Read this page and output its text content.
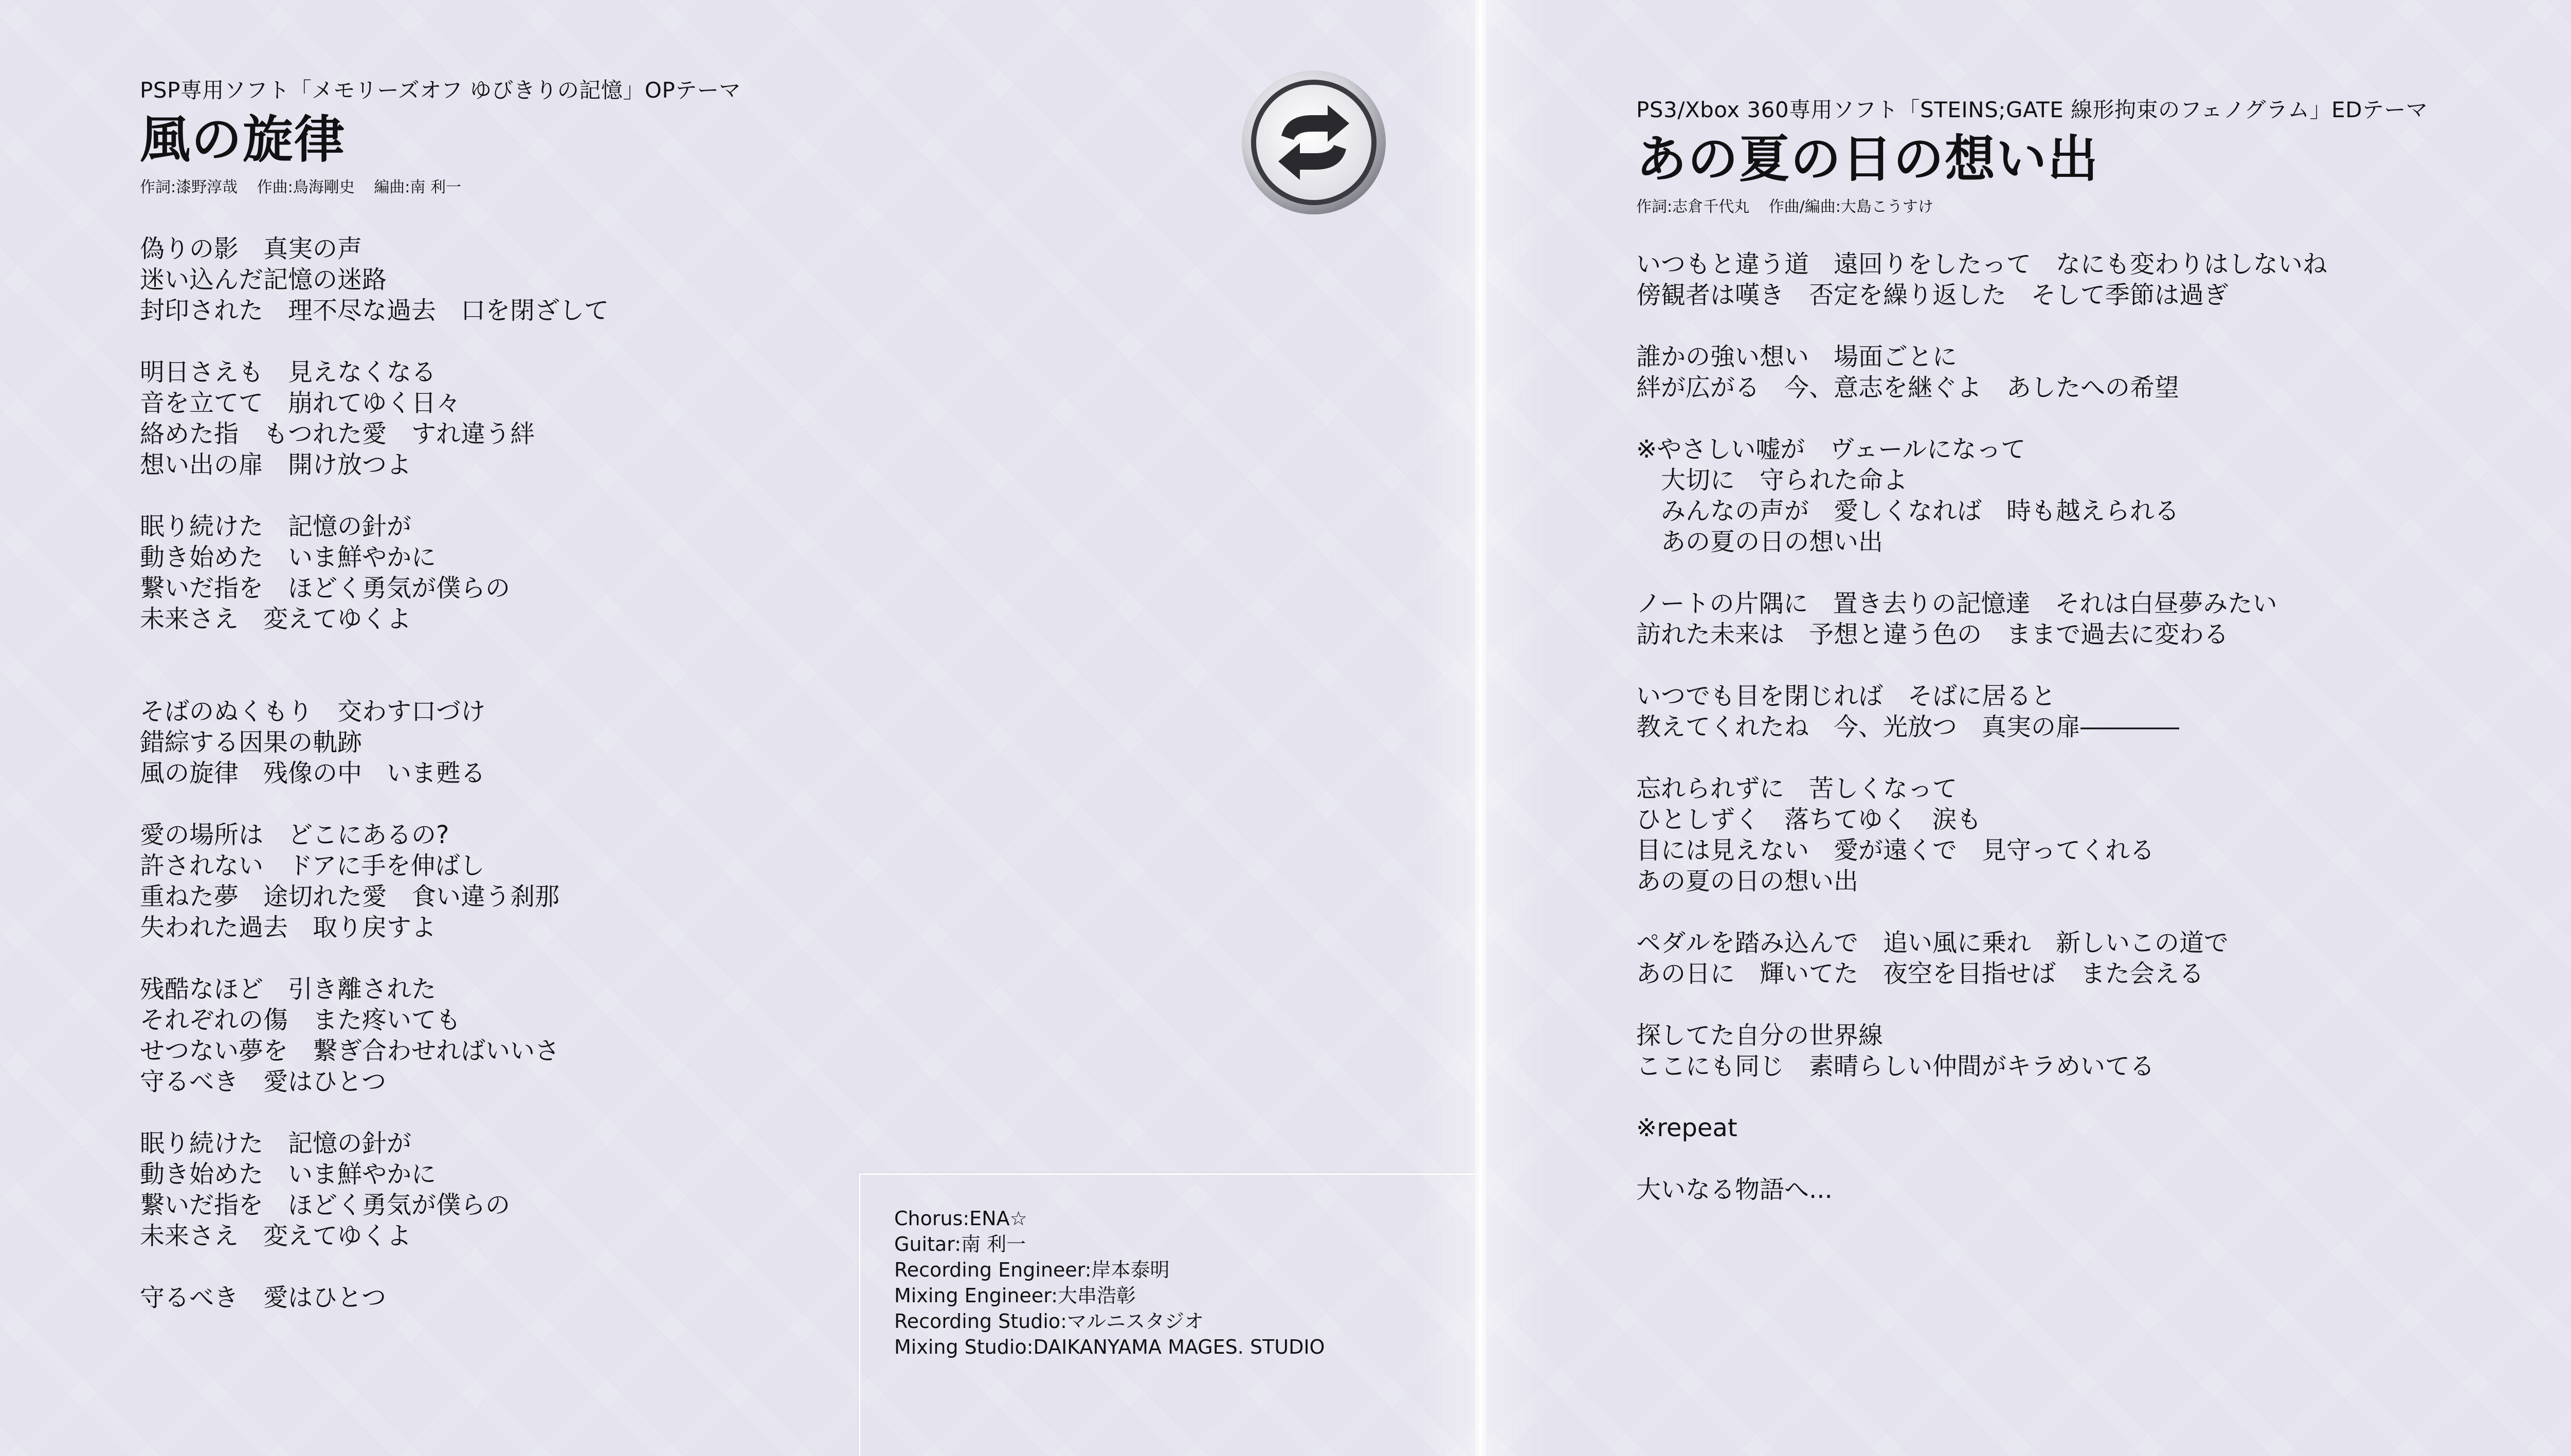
PSP専用ソフト「メモリーズオフ ゆびきりの記憶」OPテーマ
風の旋律
作詞:漆野淳哉 作曲:鳥海剛史 編曲:南 利一
偽りの影　真実の声
迷い込んだ記憶の迷路
封印された　理不尽な過去　口を閉ざして
明日さえも　見えなくなる
音を立てて　崩れてゆく日々
絡めた指　もつれた愛　すれ違う絆
想い出の扉　開け放つよ
眠り続けた　記憶の針が
動き始めた　いま鮮やかに
繋いだ指を　ほどく勇気が僕らの
未来さえ　変えてゆくよ
そばのぬくもり　交わす口づけ
錯綜する因果の軌跡
風の旋律　残像の中　いま甦る
愛の場所は　どこにあるの?
許されない　ドアに手を伸ばし
重ねた夢　途切れた愛　食い違う刹那
失われた過去　取り戻すよ
残酷なほど　引き離された
それぞれの傷　また疼いても
せつない夢を　繋ぎ合わせればいいさ
守るべき　愛はひとつ
眠り続けた　記憶の針が
動き始めた　いま鮮やかに
繋いだ指を　ほどく勇気が僕らの
未来さえ　変えてゆくよ
守るべき　愛はひとつ
Chorus:ENA☆
Guitar:南 利一
Recording Engineer:岸本泰明
Mixing Engineer:大串浩彰
Recording Studio:マルニスタジオ
Mixing Studio:DAIKANYAMA MAGES. STUDIO
PS3/Xbox 360専用ソフト「STEINS;GATE 線形拘束のフェノグラム」EDテーマ
あの夏の日の想い出
作詞:志倉千代丸 作曲/編曲:大島こうすけ
いつもと違う道　遠回りをしたって　なにも変わりはしないね
傍観者は嘆き　否定を繰り返した　そして季節は過ぎ
誰かの強い想い　場面ごとに
絆が広がる　今、意志を継ぐよ　あしたへの希望
※やさしい嘘が　ヴェールになって
　大切に　守られた命よ
　みんなの声が　愛しくなれば　時も越えられる
　あの夏の日の想い出
ノートの片隅に　置き去りの記憶達　それは白昼夢みたい
訪れた未来は　予想と違う色の　ままで過去に変わる
いつでも目を閉じれば　そばに居ると
教えてくれたね　今、光放つ　真実の扉――――
忘れられずに　苦しくなって
ひとしずく　落ちてゆく　涙も
目には見えない　愛が遠くで　見守ってくれる
あの夏の日の想い出
ペダルを踏み込んで　追い風に乗れ　新しいこの道で
あの日に　輝いてた　夜空を目指せば　また会える
探してた自分の世界線
ここにも同じ　素晴らしい仲間がキラめいてる
※repeat
大いなる物語へ...
